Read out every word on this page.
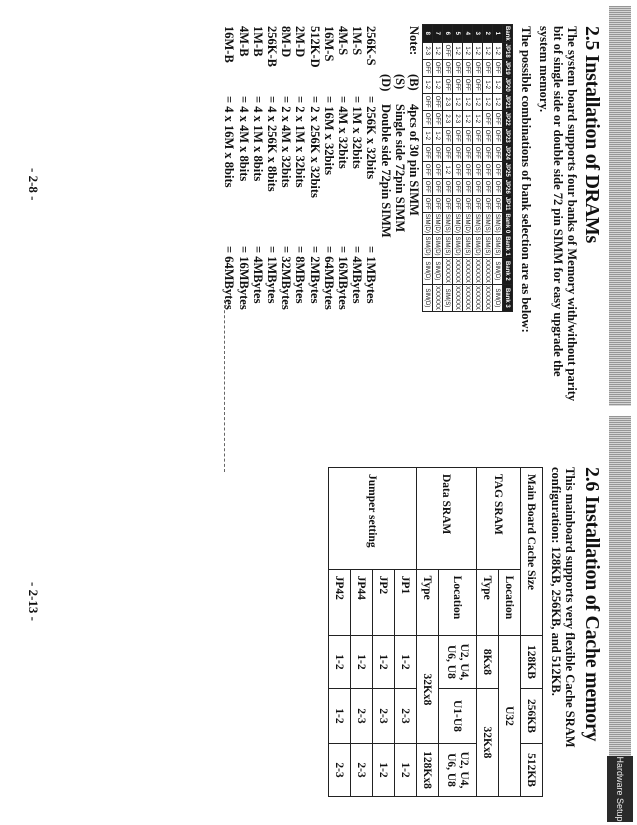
2.5 Installation of DRAMs

The system board supports four banks of Memory with/without parity bit of single side or double side 72 pin SIMM for easy upgrade the system memory.

The possible combinations of bank selection are as below:

Bank	JP18	JP19	JP20	JP21	JP22	JP23	JP24	JP25	JP26	JP11	Bank 0	Bank 1	Bank 2	Bank 3
1	1-2	OFF	1-2	1-2	OFF	OFF	OFF	OFF	OFF	OFF	SIM(S)	SIM(S)	SIM(D)	SIM(D)
2	1-2	OFF	1-2	1-2	OFF	OFF	OFF	OFF	OFF	OFF	SIM(S)	SIM(S)	XXXXXX	XXXXXX
3	1-2	OFF	OFF	1-2	1-2	OFF	OFF	OFF	OFF	OFF	SIM(S)	SIM(D)	XXXXXX	XXXXXX
4	1-2	OFF	OFF	1-2	1-2	OFF	OFF	OFF	OFF	OFF	SIM(D)	SIM(S)	XXXXXX	XXXXXX
5	1-2	OFF	OFF	1-2	2-3	OFF	OFF	OFF	OFF	OFF	SIM(D)	SIM(D)	XXXXXX	XXXXXX
6	OFF	OFF	OFF	2-3	2-3	OFF	OFF	1-2	OFF	OFF	SIM(S)	SIM(S)	XXXXXX	SIM(S)
7	1-2	OFF	1-2	OFF	OFF	1-2	OFF	OFF	OFF	OFF	SIM(D)	SIM(D)	SIM(D)	XXXXXX
8	2-3	OFF	1-2	OFF	OFF	1-2	OFF	OFF	OFF	OFF	SIM(D)	SIM(D)	SIM(D)	SIM(D)
Note:(B)4pcs of 30 pin SIMM
(S)Single side 72pin SIMM
(D)Double side 72pin SIMM
256K-S= 256K x 32bits= 1MBytes
1M-S= 1M x 32bits= 4MBytes
4M-S= 4M x 32bits= 16MBytes
16M-S= 16M x 32bits= 64MBytes
512K-D= 2 x 256K x 32bits= 2MBytes
2M-D= 2 x 1M x 32bits= 8MBytes
8M-D= 2 x 4M x 32bits= 32MBytes
256K-B= 4 x 256K x 8bits= 1MBytes
1M-B= 4 x 1M x 8bits= 4MBytes
4M-B= 4 x 4M x 8bits= 16MBytes
16M-B= 4 x 16M x 8bits= 64MBytes
- 2-8 -
Hardware Setup
2.6 Installation of Cache memory

This mainboard supports very flexible Cache SRAM configuration: 128KB, 256KB, and 512KB.

Main Board Cache Size		128KB	256KB	512KB
TAG SRAM	Location	U32		
	Type	8Kx8	32Kx8	
Data SRAM	Location	U2, U4, U6, U8	U1-U8	U2, U4, U6, U8
	Type	32Kx8		128Kx8
Jumper setting	JP1	1-2	2-3	1-2
	JP2	1-2	2-3	1-2
	JP44	1-2	2-3	2-3
	JP42	1-2	1-2	2-3
- 2-13 -
